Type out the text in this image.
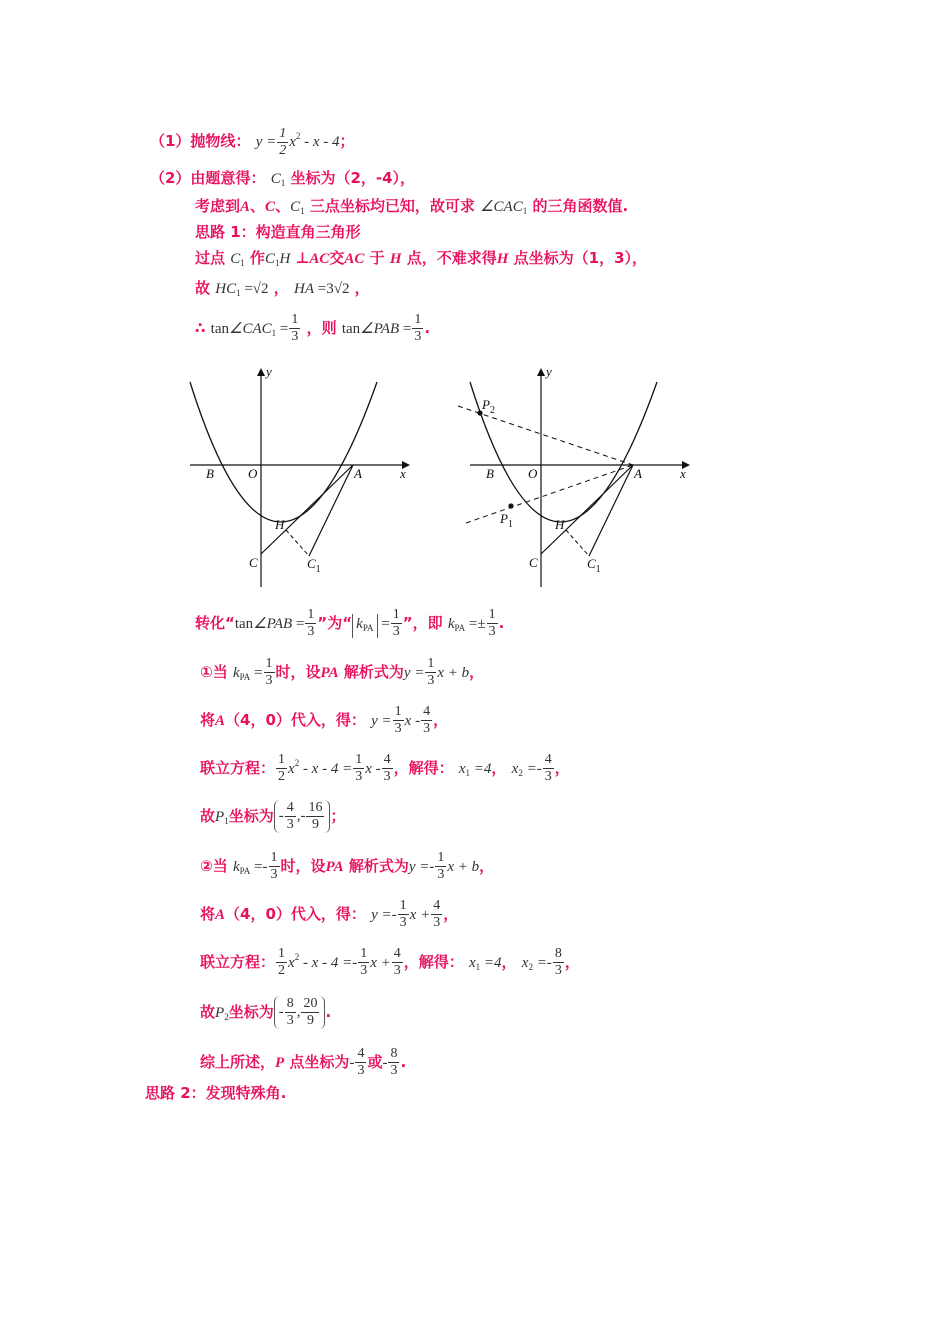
（1）抛物线： $y = \frac{1}{2} x^2 - x - 4$；
（2）由题意得： $C_1$ 坐标为（2，-4），
考虑到A、C、$C_1$ 三点坐标均已知，故可求 $\angle CAC_1$ 的三角函数值.
思路 1：构造直角三角形
过点 $C_1$ 作$C_1H$ ⊥AC交AC 于 H 点，不难求得H 点坐标为（1，3），
故 $HC_1 =√2$ ， HA =3√2 ，
∴ $\tan\angle CAC_1 = \frac{1}{3}$ ，则 tan∠PAB = $\frac{1}{3}$ .
y
x
O	A
B
C
H
$C_1$
y
x
O	A
B
C
H
$C_1$
$P_2$
$P_1$
转化“tan∠PAB = $\frac{1}{3}$ ”为“ $k_{PA} = \frac{1}{3}$ ”，即 $k_{PA} =\pm \frac{1}{3}$ .
①当 $k_{PA} = \frac{1}{3}$ 时，设PA 解析式为$y = \frac{1}{3}$ x + b，
将A（4，0）代入，得： $y = \frac{1}{3}$ x - $\frac{4}{3}$ ，
联立方程： $\frac{1}{2} x^2 - x - 4 = \frac{1}{3}$ x - $\frac{4}{3}$ ，解得： $x_1 =4$， $x_2 =- \frac{4}{3}$ ，
故$P_1$坐标为 - $\frac{4}{3}$ ,- $\frac{16}{9}$ ；
②当 $k_{PA} =- \frac{1}{3}$ 时，设PA 解析式为$y =- \frac{1}{3}$ x + b，
将A（4，0）代入，得： $y =- \frac{1}{3}$ $x + \frac{4}{3}$ ，
联立方程： $\frac{1}{2} x^2 - x - 4 =- \frac{1}{3}$ $x + \frac{4}{3}$ ，解得： $x_1 =4$， $x_2 =- \frac{8}{3}$ ，
故$P_2$坐标为 - $\frac{8}{3}$ , $\frac{20}{9}$ .
综上所述，P 点坐标为- $\frac{4}{3}$ 或- $\frac{8}{3}$ .
思路 2：发现特殊角.
